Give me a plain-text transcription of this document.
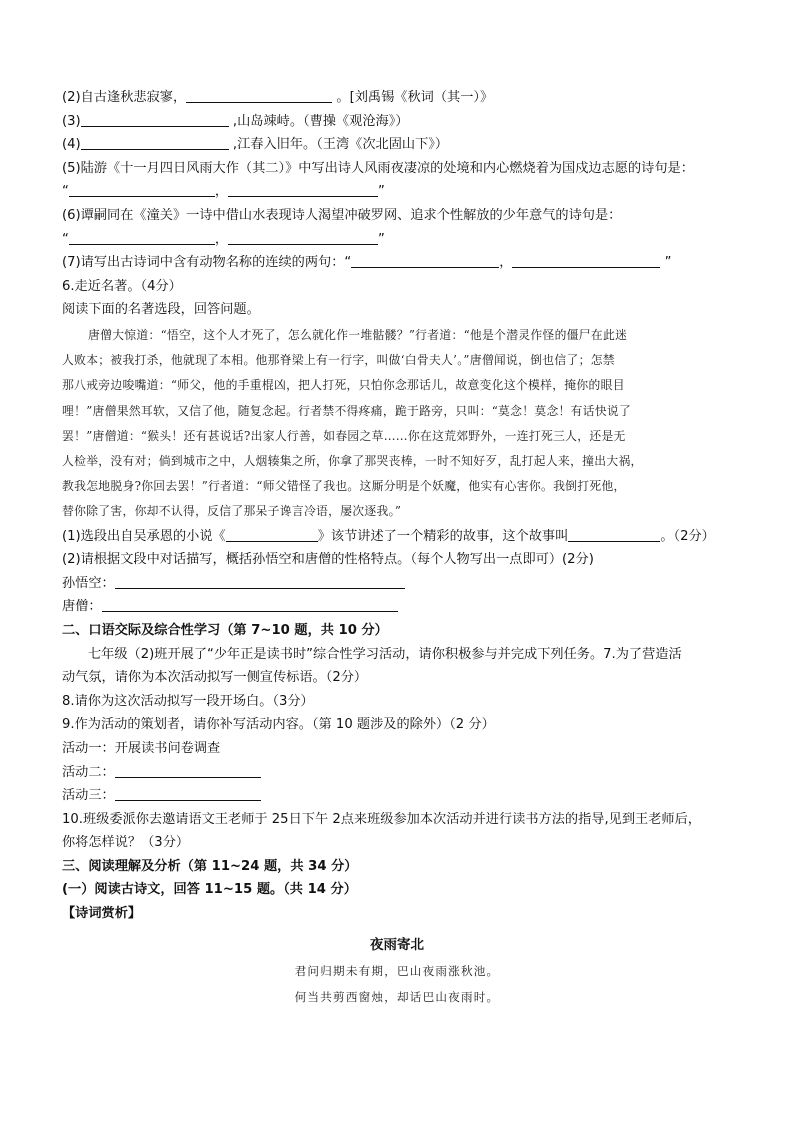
(2)自古逢秋悲寂寥，	。[刘禹锡《秋词（其一）》

(3)	,山岛竦峙。（曹操《观沧海》）

(4)	,江春入旧年。（王湾《次北固山下》）

(5)陆游《十一月四日风雨大作（其二）》中写出诗人风雨夜凄凉的处境和内心燃烧着为国戍边志愿的诗句是：

“	，	”

(6)谭嗣同在《潼关》一诗中借山水表现诗人渴望冲破罗网、追求个性解放的少年意气的诗句是：

“	，	”

(7)请写出古诗词中含有动物名称的连续的两句：“	，	”

6.走近名著。（4分）

阅读下面的名著选段，回答问题。

唐僧大惊道：“悟空，这个人才死了，怎么就化作一堆骷髅？”行者道：“他是个潜灵作怪的僵尸在此迷

人败本；被我打杀，他就现了本相。他那脊梁上有一行字，叫做‘白骨夫人’。”唐僧闻说，倒也信了；怎禁

那八戒旁边唆嘴道：“师父，他的手重棍凶，把人打死，只怕你念那话儿，故意变化这个模样，掩你的眼目

哩！”唐僧果然耳软，又信了他，随复念起。行者禁不得疼痛，跪于路旁，只叫：“莫念！莫念！有话快说了

罢！”唐僧道：“猴头！还有甚说话?出家人行善，如春园之草……你在这荒郊野外，一连打死三人，还是无

人检举，没有对；倘到城市之中，人烟辏集之所，你拿了那哭丧棒，一时不知好歹，乱打起人来，撞出大祸，

教我怎地脱身?你回去罢！”行者道：“师父错怪了我也。这厮分明是个妖魔，他实有心害你。我倒打死他，

替你除了害，你却不认得，反信了那呆子谗言冷语，屡次逐我。”

(1)选段出自吴承恩的小说《	》该节讲述了一个精彩的故事，这个故事叫	。（2分）

(2)请根据文段中对话描写，概括孙悟空和唐僧的性格特点。（每个人物写出一点即可）(2分)

孙悟空：

唐僧：

二、口语交际及综合性学习（第 7~10 题，共 10 分）

七年级（2)班开展了“少年正是读书时”综合性学习活动，请你积极参与并完成下列任务。7.为了营造活

动气氛，请你为本次活动拟写一侧宣传标语。（2分）

8.请你为这次活动拟写一段开场白。（3分）

9.作为活动的策划者，请你补写活动内容。（第 10 题涉及的除外）（2 分）

活动一：开展读书问卷调查

活动二：

活动三：

10.班级委派你去邀请语文王老师于 25日下午 2点来班级参加本次活动并进行读书方法的指导,见到王老师后，

你将怎样说？（3分）

三、阅读理解及分析（第 11~24 题，共 34 分）

(一）阅读古诗文，回答 11~15 题。（共 14 分）

【诗词赏析】

夜雨寄北
君问归期未有期，巴山夜雨涨秋池。
何当共剪西窗烛，却话巴山夜雨时。
